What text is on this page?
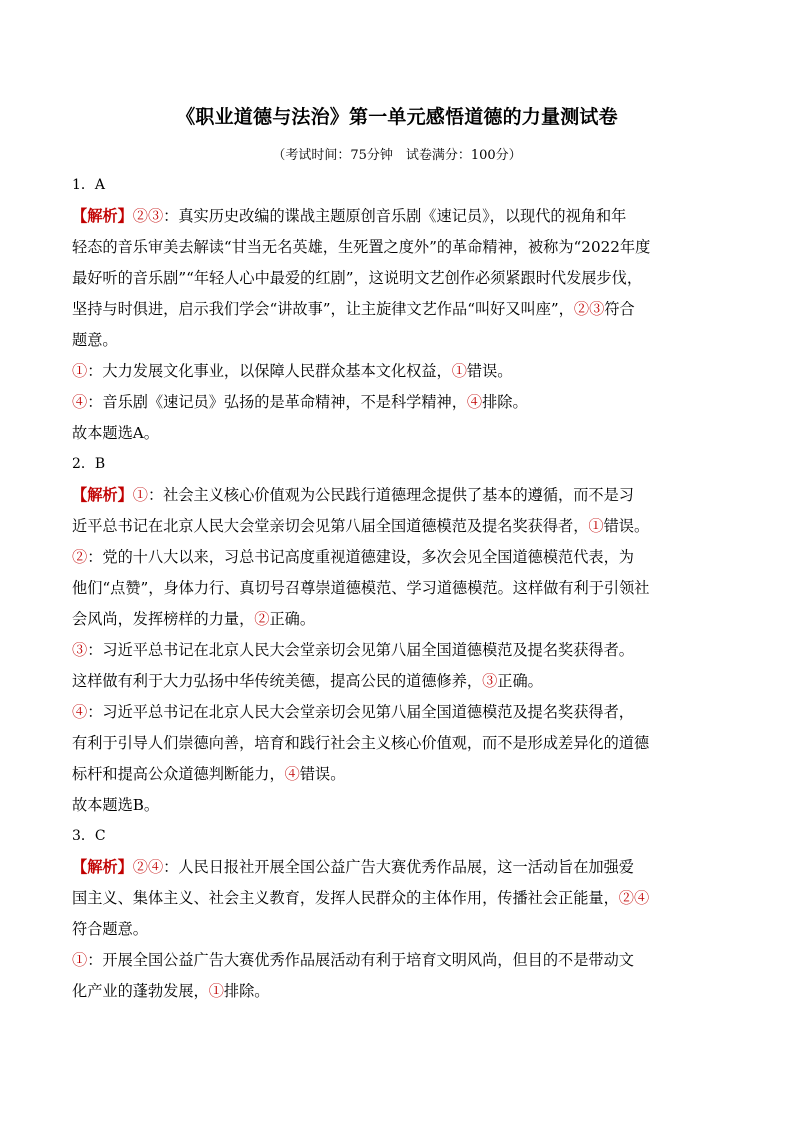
《职业道德与法治》第一单元感悟道德的力量测试卷
（考试时间：75分钟　试卷满分：100分）
1．A
【解析】②③：真实历史改编的谍战主题原创音乐剧《速记员》，以现代的视角和年
轻态的音乐审美去解读“甘当无名英雄，生死置之度外”的革命精神，被称为“2022年度
最好听的音乐剧”“年轻人心中最爱的红剧”，这说明文艺创作必须紧跟时代发展步伐，
坚持与时俱进，启示我们学会“讲故事”，让主旋律文艺作品“叫好又叫座”，②③符合
题意。
①：大力发展文化事业，以保障人民群众基本文化权益，①错误。
④：音乐剧《速记员》弘扬的是革命精神，不是科学精神，④排除。
故本题选A。
2．B
【解析】①：社会主义核心价值观为公民践行道德理念提供了基本的遵循，而不是习
近平总书记在北京人民大会堂亲切会见第八届全国道德模范及提名奖获得者，①错误。
②：党的十八大以来，习总书记高度重视道德建设，多次会见全国道德模范代表，为
他们“点赞”，身体力行、真切号召尊崇道德模范、学习道德模范。这样做有利于引领社
会风尚，发挥榜样的力量，②正确。
③：习近平总书记在北京人民大会堂亲切会见第八届全国道德模范及提名奖获得者。
这样做有利于大力弘扬中华传统美德，提高公民的道德修养，③正确。
④：习近平总书记在北京人民大会堂亲切会见第八届全国道德模范及提名奖获得者，
有利于引导人们崇德向善，培育和践行社会主义核心价值观，而不是形成差异化的道德
标杆和提高公众道德判断能力，④错误。
故本题选B。
3．C
【解析】②④：人民日报社开展全国公益广告大赛优秀作品展，这一活动旨在加强爱
国主义、集体主义、社会主义教育，发挥人民群众的主体作用，传播社会正能量，②④
符合题意。
①：开展全国公益广告大赛优秀作品展活动有利于培育文明风尚，但目的不是带动文
化产业的蓬勃发展，①排除。
